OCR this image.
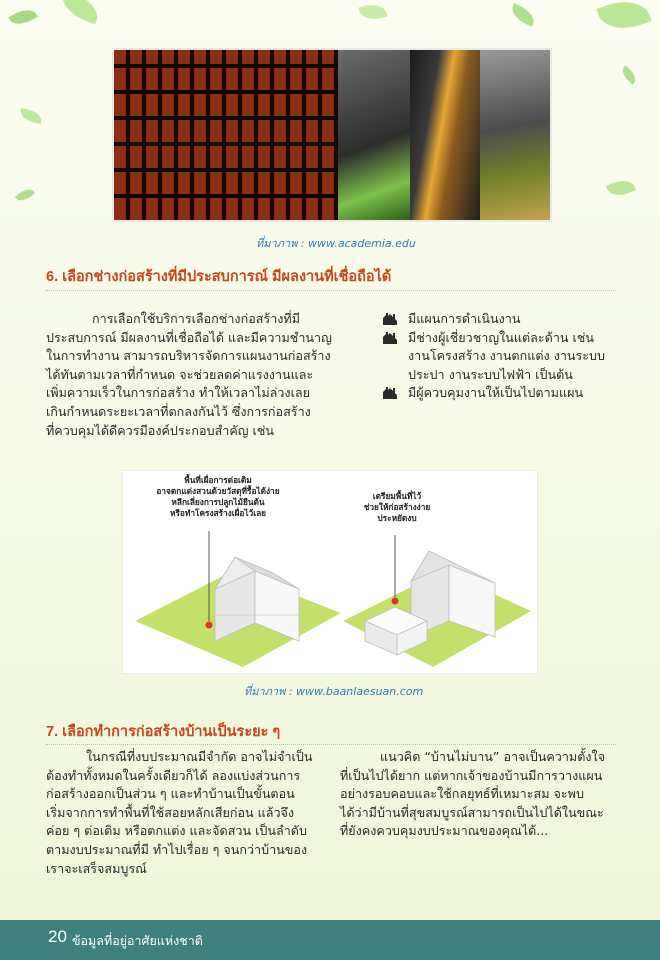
ที่มาภาพ : www.academia.edu
6. เลือกช่างก่อสร้างที่มีประสบการณ์ มีผลงานที่เชื่อถือได้
การเลือกใช้บริการเลือกช่างก่อสร้างที่มี
ประสบการณ์ มีผลงานที่เชื่อถือได้ และมีความชำนาญ
ในการทำงาน สามารถบริหารจัดการแผนงานก่อสร้าง
ได้ทันตามเวลาที่กำหนด จะช่วยลดค่าแรงงานและ
เพิ่มความเร็วในการก่อสร้าง ทำให้เวลาไม่ล่วงเลย
เกินกำหนดระยะเวลาที่ตกลงกันไว้ ซึ่งการก่อสร้าง
ที่ควบคุมได้ดีควรมีองค์ประกอบสำคัญ เช่น
มีแผนการดำเนินงาน
มีช่างผู้เชี่ยวชาญในแต่ละด้าน เช่น
งานโครงสร้าง งานตกแต่ง งานระบบ
ประปา งานระบบไฟฟ้า เป็นต้น
มีผู้ควบคุมงานให้เป็นไปตามแผน
พื้นที่เผื่อการต่อเติม
อาจตกแต่งสวนด้วยวัสดุที่รื้อได้ง่าย
หลีกเลี่ยงการปลูกไม้ยืนต้น
หรือทำโครงสร้างเผื่อไว้เลย
เตรียมพื้นที่ไว้
ช่วยให้ก่อสร้างง่าย
ประหยัดงบ
ที่มาภาพ : www.baanlaesuan.com
7. เลือกทำการก่อสร้างบ้านเป็นระยะ ๆ
ในกรณีที่งบประมาณมีจำกัด อาจไม่จำเป็น
ต้องทำทั้งหมดในครั้งเดียวก็ได้ ลองแบ่งส่วนการ
ก่อสร้างออกเป็นส่วน ๆ และทำบ้านเป็นขั้นตอน
เริ่มจากการทำพื้นที่ใช้สอยหลักเสียก่อน แล้วจึง
ค่อย ๆ ต่อเติม หรือตกแต่ง และจัดสวน เป็นลำดับ
ตามงบประมาณที่มี ทำไปเรื่อย ๆ จนกว่าบ้านของ
เราจะเสร็จสมบูรณ์
แนวคิด “บ้านไม่บาน” อาจเป็นความตั้งใจ
ที่เป็นไปได้ยาก แต่หากเจ้าของบ้านมีการวางแผน
อย่างรอบคอบและใช้กลยุทธ์ที่เหมาะสม จะพบ
ได้ว่ามีบ้านที่สุขสมบูรณ์สามารถเป็นไปได้ในขณะ
ที่ยังคงควบคุมงบประมาณของคุณได้...
20 ข้อมูลที่อยู่อาศัยแห่งชาติ
